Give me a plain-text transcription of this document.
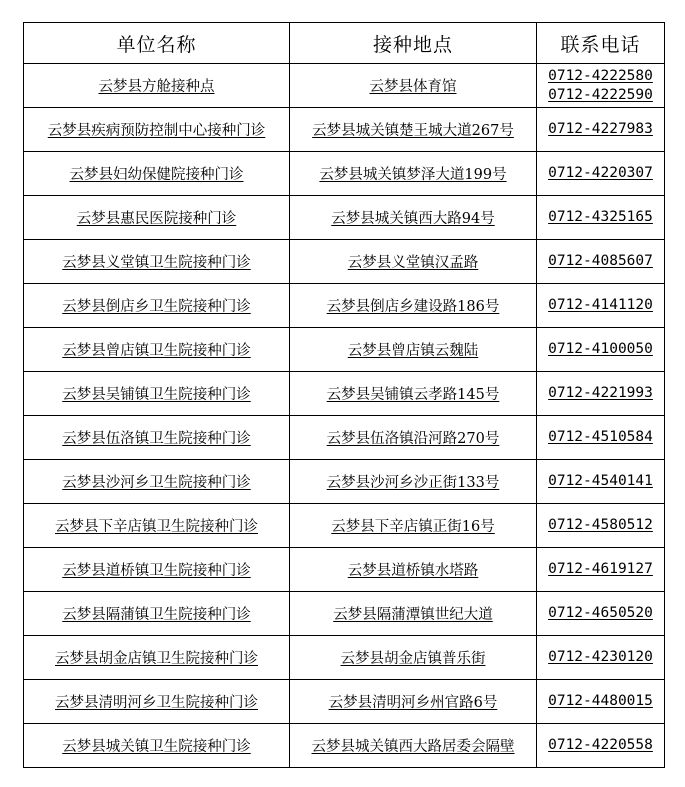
单位名称	接种地点	联系电话
云梦县方舱接种点	云梦县体育馆	0712-4222580
0712-4222590

云梦县疾病预防控制中心接种门诊	云梦县城关镇楚王城大道267号	0712-4227983

云梦县妇幼保健院接种门诊	云梦县城关镇梦泽大道199号	0712-4220307

云梦县惠民医院接种门诊	云梦县城关镇西大路94号	0712-4325165

云梦县义堂镇卫生院接种门诊	云梦县义堂镇汉孟路	0712-4085607

云梦县倒店乡卫生院接种门诊	云梦县倒店乡建设路186号	0712-4141120

云梦县曾店镇卫生院接种门诊	云梦县曾店镇云魏陆	0712-4100050

云梦县吴铺镇卫生院接种门诊	云梦县吴铺镇云孝路145号	0712-4221993

云梦县伍洛镇卫生院接种门诊	云梦县伍洛镇沿河路270号	0712-4510584

云梦县沙河乡卫生院接种门诊	云梦县沙河乡沙正街133号	0712-4540141

云梦县下辛店镇卫生院接种门诊	云梦县下辛店镇正街16号	0712-4580512

云梦县道桥镇卫生院接种门诊	云梦县道桥镇水塔路	0712-4619127

云梦县隔蒲镇卫生院接种门诊	云梦县隔蒲潭镇世纪大道	0712-4650520

云梦县胡金店镇卫生院接种门诊	云梦县胡金店镇普乐街	0712-4230120

云梦县清明河乡卫生院接种门诊	云梦县清明河乡州官路6号	0712-4480015

云梦县城关镇卫生院接种门诊	云梦县城关镇西大路居委会隔壁	0712-4220558
